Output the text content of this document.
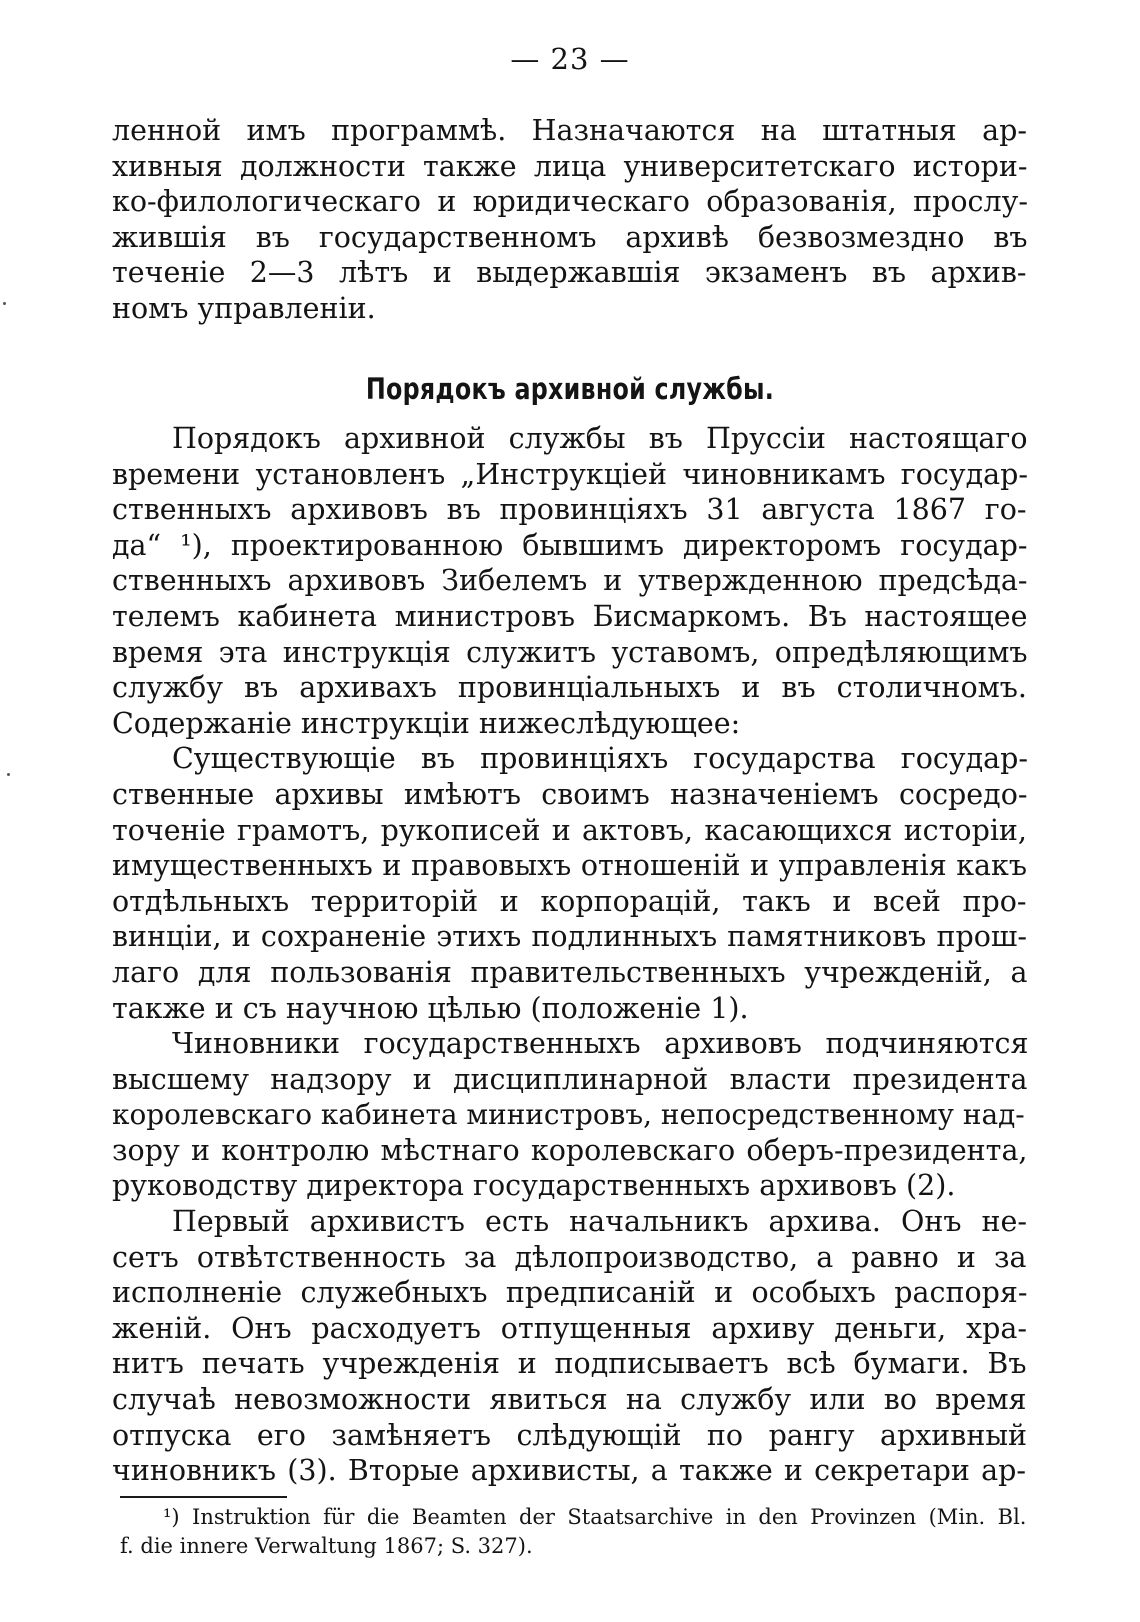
— 23 —
ленной имъ программѣ. Назначаются на штатныя ар-
хивныя должности также лица университетскаго истори-
ко-филологическаго и юридическаго образованія, прослу-
жившія въ государственномъ архивѣ безвозмездно въ
теченіе 2—3 лѣтъ и выдержавшія экзаменъ въ архив-
номъ управленіи.
Порядокъ архивной службы.
Порядокъ архивной службы въ Пруссіи настоящаго
времени установленъ „Инструкціей чиновникамъ государ-
ственныхъ архивовъ въ провинціяхъ 31 августа 1867 го-
да“ ¹), проектированною бывшимъ директоромъ государ-
ственныхъ архивовъ Зибелемъ и утвержденною предсѣда-
телемъ кабинета министровъ Бисмаркомъ. Въ настоящее
время эта инструкція служитъ уставомъ, опредѣляющимъ
службу въ архивахъ провинціальныхъ и въ столичномъ.
Содержаніе инструкціи нижеслѣдующее:
Существующіе въ провинціяхъ государства государ-
ственные архивы имѣютъ своимъ назначеніемъ сосредо-
точеніе грамотъ, рукописей и актовъ, касающихся исторіи,
имущественныхъ и правовыхъ отношеній и управленія какъ
отдѣльныхъ территорій и корпорацій, такъ и всей про-
винціи, и сохраненіе этихъ подлинныхъ памятниковъ прош-
лаго для пользованія правительственныхъ учрежденій, а
также и съ научною цѣлью (положеніе 1).
Чиновники государственныхъ архивовъ подчиняются
высшему надзору и дисциплинарной власти президента
королевскаго кабинета министровъ, непосредственному над-
зору и контролю мѣстнаго королевскаго оберъ-президента,
руководству директора государственныхъ архивовъ (2).
Первый архивистъ есть начальникъ архива. Онъ не-
сетъ отвѣтственность за дѣлопроизводство, а равно и за
исполненіе служебныхъ предписаній и особыхъ распоря-
женій. Онъ расходуетъ отпущенныя архиву деньги, хра-
нитъ печать учрежденія и подписываетъ всѣ бумаги. Въ
случаѣ невозможности явиться на службу или во время
отпуска его замѣняетъ слѣдующій по рангу архивный
чиновникъ (3). Вторые архивисты, а также и секретари ар-
¹) Instruktion für die Beamten der Staatsarchive in den Provinzen (Min. Bl.
f. die innere Verwaltung 1867; S. 327).
